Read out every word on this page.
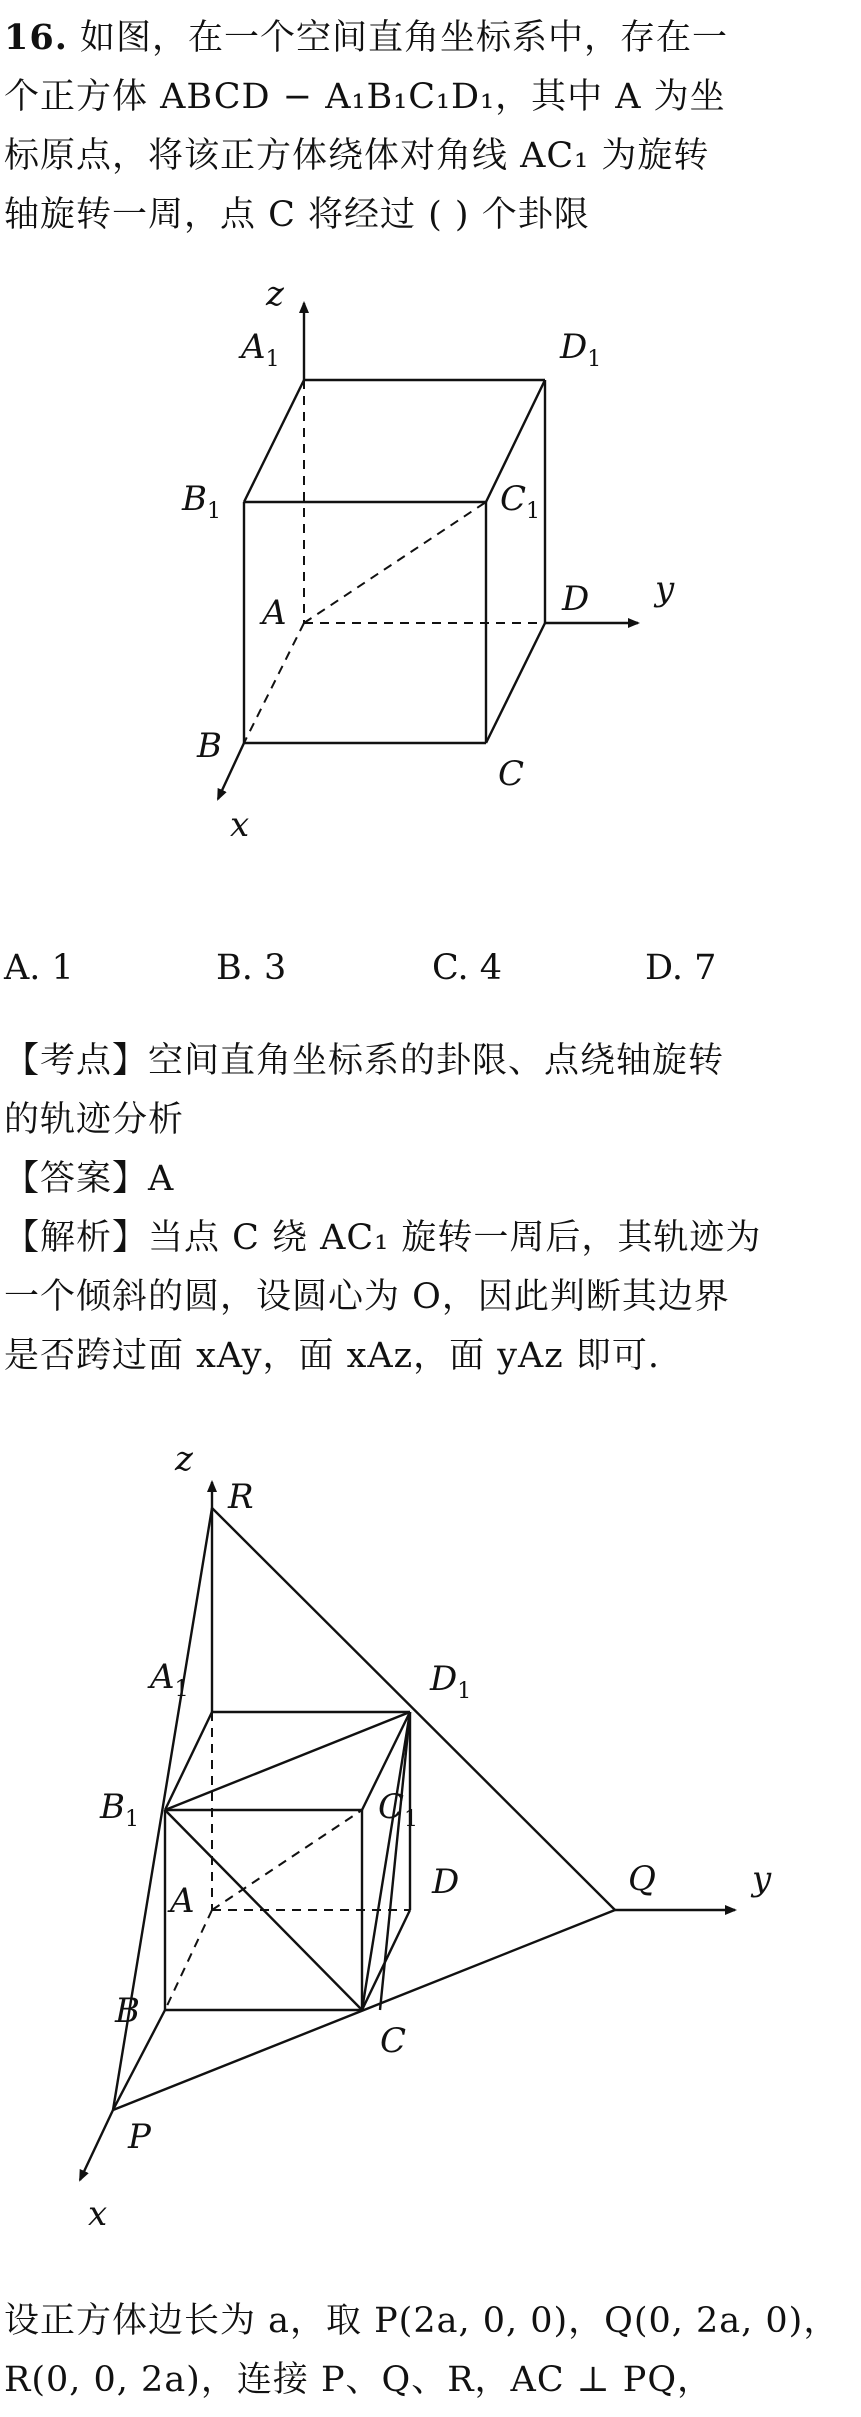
16. 如图，在一个空间直角坐标系中，存在一

个正方体 ABCD − A₁B₁C₁D₁，其中 A 为坐

标原点，将该正方体绕体对角线 AC₁ 为旋转

轴旋转一周，点 C 将经过 ( ) 个卦限

z
y
x
$A_1$	$D_1$
$B_1$	$C_1$
A	D
B
C
A. 1	B. 3	C. 4	D. 7

【考点】空间直角坐标系的卦限、点绕轴旋转

的轨迹分析

【答案】A

【解析】当点 C 绕 AC₁ 旋转一周后，其轨迹为

一个倾斜的圆，设圆心为 O，因此判断其边界

是否跨过面 xAy，面 xAz，面 yAz 即可.

z
R
$A_1$	$D_1$
$B_1$	$C_1$
D	Q	y
A
B
C
P
x

设正方体边长为 a，取 P(2a, 0, 0)，Q(0, 2a, 0)，

R(0, 0, 2a)，连接 P、Q、R，AC ⊥ PQ，
